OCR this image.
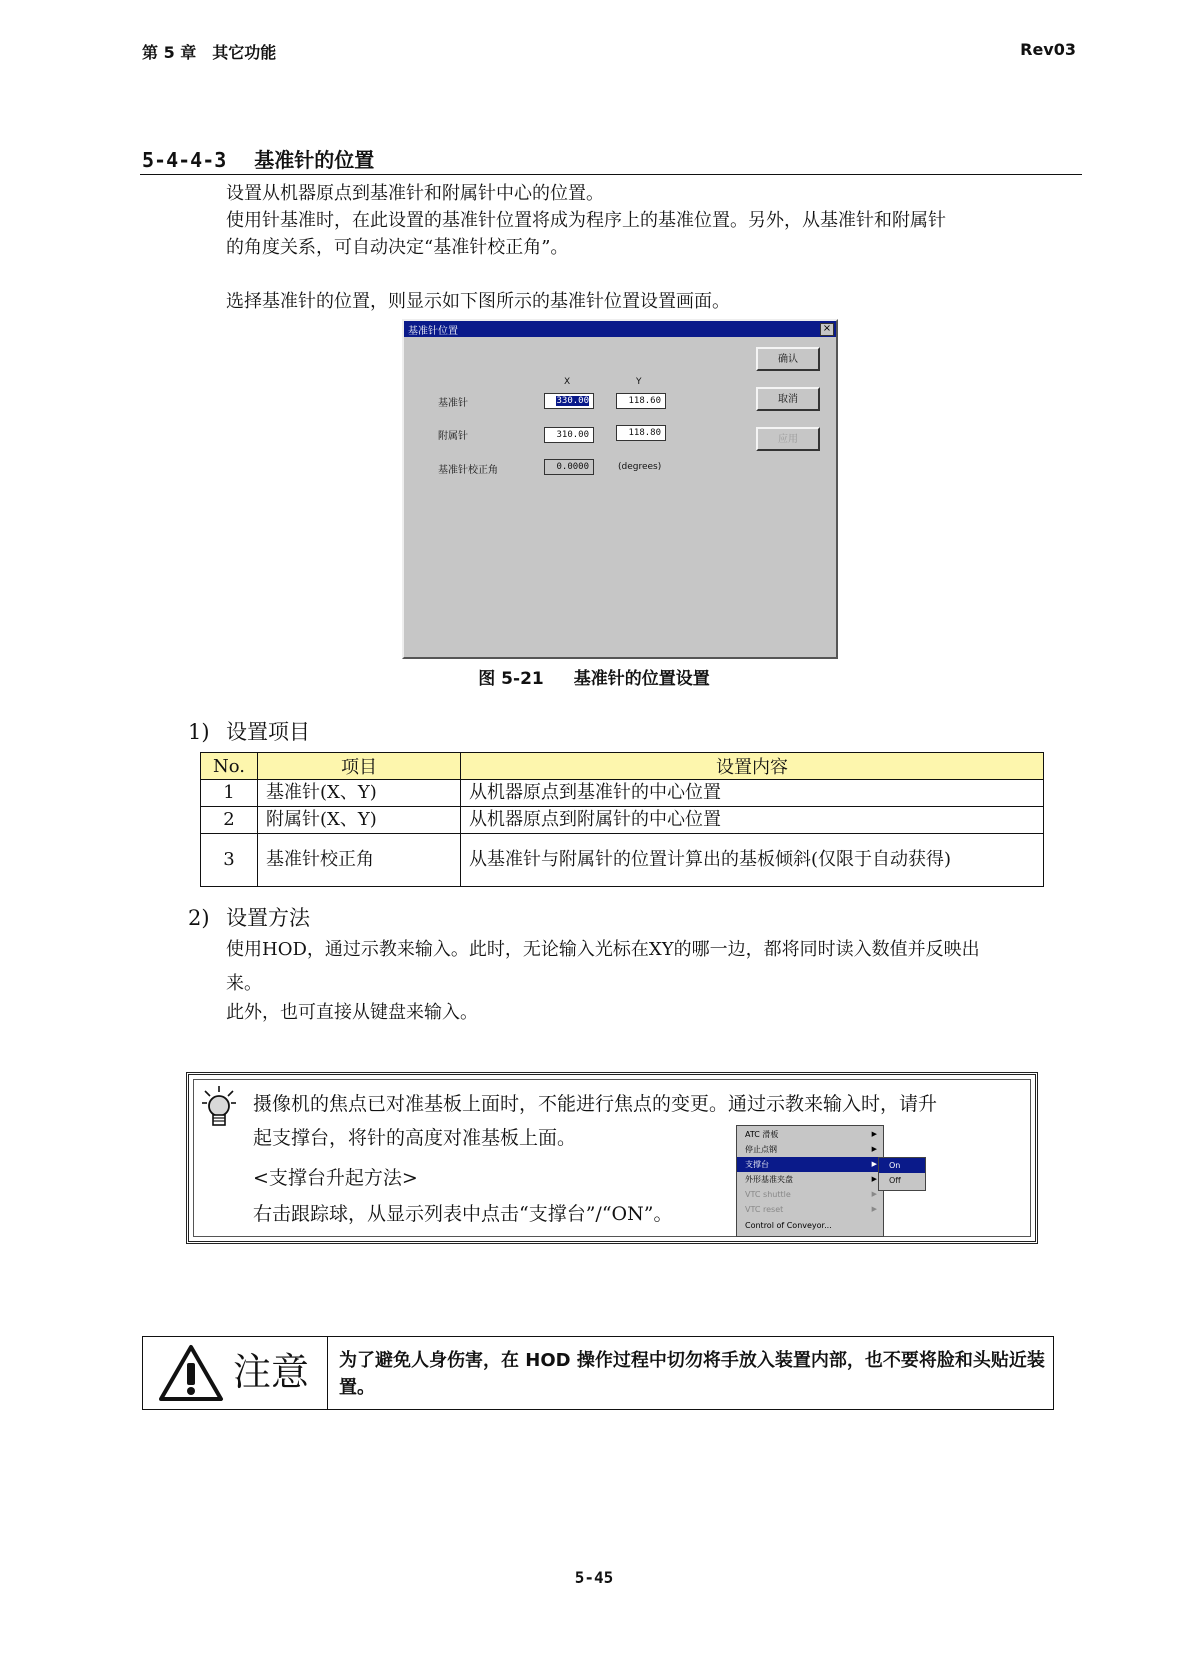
第 5 章　其它功能	Rev03
5-4-4-3 基准针的位置
设置从机器原点到基准针和附属针中心的位置。
使用针基准时，在此设置的基准针位置将成为程序上的基准位置。另外，从基准针和附属针
的角度关系，可自动决定“基准针校正角”。
选择基准针的位置，则显示如下图所示的基准针位置设置画面。
基准针位置	×
X	Y
基准针	330.00	118.60
附属针	310.00	118.80
基准针校正角	0.0000	(degrees)
确认
取消
应用
图 5-21 基准针的位置设置
1) 设置项目
No.	项目	设置内容
1	基准针(X、Y)	从机器原点到基准针的中心位置
2	附属针(X、Y)	从机器原点到附属针的中心位置
3	基准针校正角	从基准针与附属针的位置计算出的基板倾斜(仅限于自动获得)
2) 设置方法
使用HOD，通过示教来输入。此时，无论输入光标在XY的哪一边，都将同时读入数值并反映出
来。
此外，也可直接从键盘来输入。
摄像机的焦点已对准基板上面时，不能进行焦点的变更。通过示教来输入时，请升
起支撑台，将针的高度对准基板上面。
<支撑台升起方法>
右击跟踪球，从显示列表中点击“支撑台”/“ON”。
ATC 滑板	▶
停止点钢	▶
支撑台	▶
外形基准夹盘	▶
VTC shuttle	▶
VTC reset	▶
Control of Conveyor...
On
Off
注意 为了避免人身伤害，在 HOD 操作过程中切勿将手放入装置内部，也不要将脸和头贴近装置。
5-45
